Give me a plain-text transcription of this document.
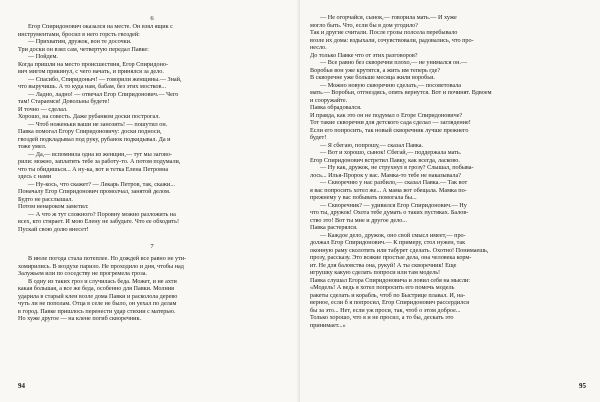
6
Егор Спиридонович оказался на месте. Он взял ящик с
инструментами, бросил в него горсть гвоздей:
— Прихватим, дружок, вон те досочки.
Три доски он взял сам, четвертую передал Павке:
— Пойдем.
Когда пришли на место происшествия, Егор Спиридоно-
вич мигом прикинул, с чего начать, и принялся за дело.
— Спасибо, Спиридоныч! — говорили женщины.— Знай,
что выручишь. А то куда нам, бабам, без этих мостков...
— Ладно, ладно! — отвечал Егор Спиридонович.— Чего
там! Стараемся! Довольны будете!
И точно — сделал.
Хорошо, на совесть. Даже рубанком доски построгал.
— Чтоб ноженьки ваши не занозить! — пошутил он.
Павка помогал Егору Спиридоновичу: доски подноси,
гвоздей подкладывал под руку, рубанок подкидывал. Да и
тоже умел.
— Да,— вспомнила одна из женщин,— тут мы загово-
рили: можно, заплатить тебе за работу-то. А потом подумали,
что ты обидишься... А ну-ка, вот и тетка Елена Петровна
здесь с нами
— Ну-кось, что скажет? — Лекарь Петров, так, скажи...
Поначалу Егор Спиридонович промолчал, занятой делом.
Будто не расслышал.
Потом ненароком заметил:
— А что ж тут сложного? Поровну можно разложить на
всех, кто стирает. И мою Елену не забудьте. Что ее обходить!
Пускай свою долю внесет!
7
В июле погода стала потеплее. Но дождей все равно не ути-
хомирились. В воздухе парило. Не проходило и дня, чтобы над
Залужьем или по соседству не прогремела гроза.
В одну из таких гроз и случилась беда. Может, и не ахти
какая большая, а все же беда, особенно для Павки. Молния
ударила в старый клен возле дома Павки и расколола дерево
чуть ли не пополам. Отца в селе не было, он уехал по делам
в город. Павке пришлось перенести удар стихии с матерью.
Но хуже другое — на клене погиб скворечник.
94
— Не огорчайся, сынок,— говорила мать.— И хуже
могло быть. Что, если бы в дом угодило?
Так и другие считали. После грозы полсела перебывало
возле их дома: вздыхали, сочувствовали, радовались, что про-
несло.
До только Павке что от этих разговоров?
— Все равно без скворечни плохо,— не унимался он.—
Воробьи вон уже крутятся, а жить им теперь где?
В скворечне уже больше месяца жили воробьи.
— Можно новую скворечню сделать,— посоветовала
мать.— Воробьи, отгнездясь, опять вернутся. Вот и починят. Вдвоем
и сооружайте.
Павка обрадовался.
И правда, как это он не подумал о Егоре Спиридоновиче?
Тот такие скворечни для детского сада сделал — заглядение!
Если его попросить, так новый скворечник лучше прежнего
будет!
— Я сбегаю, попрошу,— сказал Павка.
— Вот и хорошо, сынок! Сбегай,— поддержала мать.
Егор Спиридонович встретил Павку, как всегда, ласково.
— Ну как, дружок, не струхнул в грозу? Слышал, побыва-
лось... Илья-Пророк у вас. Мамка-то тебе не наказывала?
— Скворечню у нас разбило,— сказал Павка.— Так вот
я вас попросить хотел же... А мама вот обещала. Мамка по-
прежнему у вас побывать помогала бы...
— Скворечник? — удивился Егор Спиридонович.— Ну
что ты, дружок! Охота тебе думать о таких пустяках. Балов-
ство это! Вот ты мне и другое дело...
Павка растерялся.
— Каждое дело, дружок, оно свой смысл имеет,— про-
должал Егор Спиридонович.— К примеру, стол нужен, так
оконную раму сколотить или табурет сделать. Охотно! Понимаешь,
прозу, рассказу. Это всякие простые дела, она человека корм-
ит. Не для баловства она, рукуй! А ты скворечник! Еще
игрушку какую сделать попроси или там модель!
Павка слушал Егора Спиридоновича и ловил себя на мысли:
«Модель! А ведь я хотел попросить его помочь модель
ракеты сделать и корабль, чтоб по Быстрице плавал. И, на-
верное, если б я попросил, Егор Спиридонович рассердился
бы за это... Нет, если уж проси, так, чтоб о этом доброе...
Только хорошо, что я и не просил, а то бы, дескать это
принимает...»
95
